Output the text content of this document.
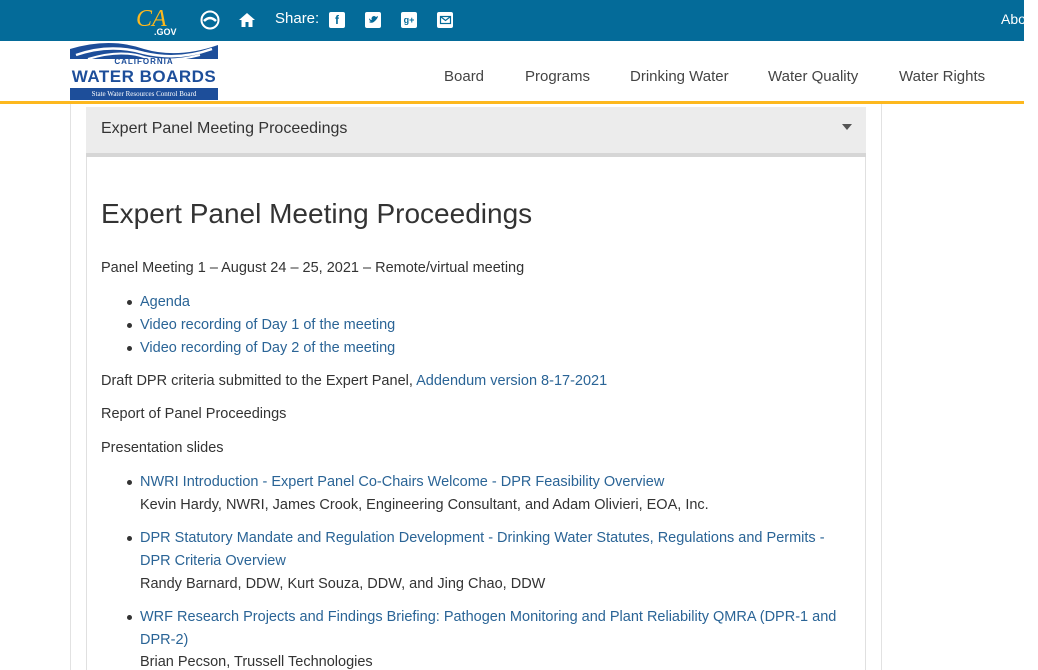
CA
.GOV
Share:	f	g+	About
CALIFORNIA
WATER BOARDS
State Water Resources Control Board
Board	Programs	Drinking Water	Water Quality	Water Rights
Expert Panel Meeting Proceedings
Expert Panel Meeting Proceedings
Panel Meeting 1 – August 24 – 25, 2021 – Remote/virtual meeting
Agenda
Video recording of Day 1 of the meeting
Video recording of Day 2 of the meeting
Draft DPR criteria submitted to the Expert Panel, Addendum version 8-17-2021
Report of Panel Proceedings
Presentation slides
NWRI Introduction - Expert Panel Co-Chairs Welcome - DPR Feasibility Overview
Kevin Hardy, NWRI, James Crook, Engineering Consultant, and Adam Olivieri, EOA, Inc.
DPR Statutory Mandate and Regulation Development - Drinking Water Statutes, Regulations and Permits -
DPR Criteria Overview
Randy Barnard, DDW, Kurt Souza, DDW, and Jing Chao, DDW
WRF Research Projects and Findings Briefing: Pathogen Monitoring and Plant Reliability QMRA (DPR-1 and
DPR-2)
Brian Pecson, Trussell Technologies
